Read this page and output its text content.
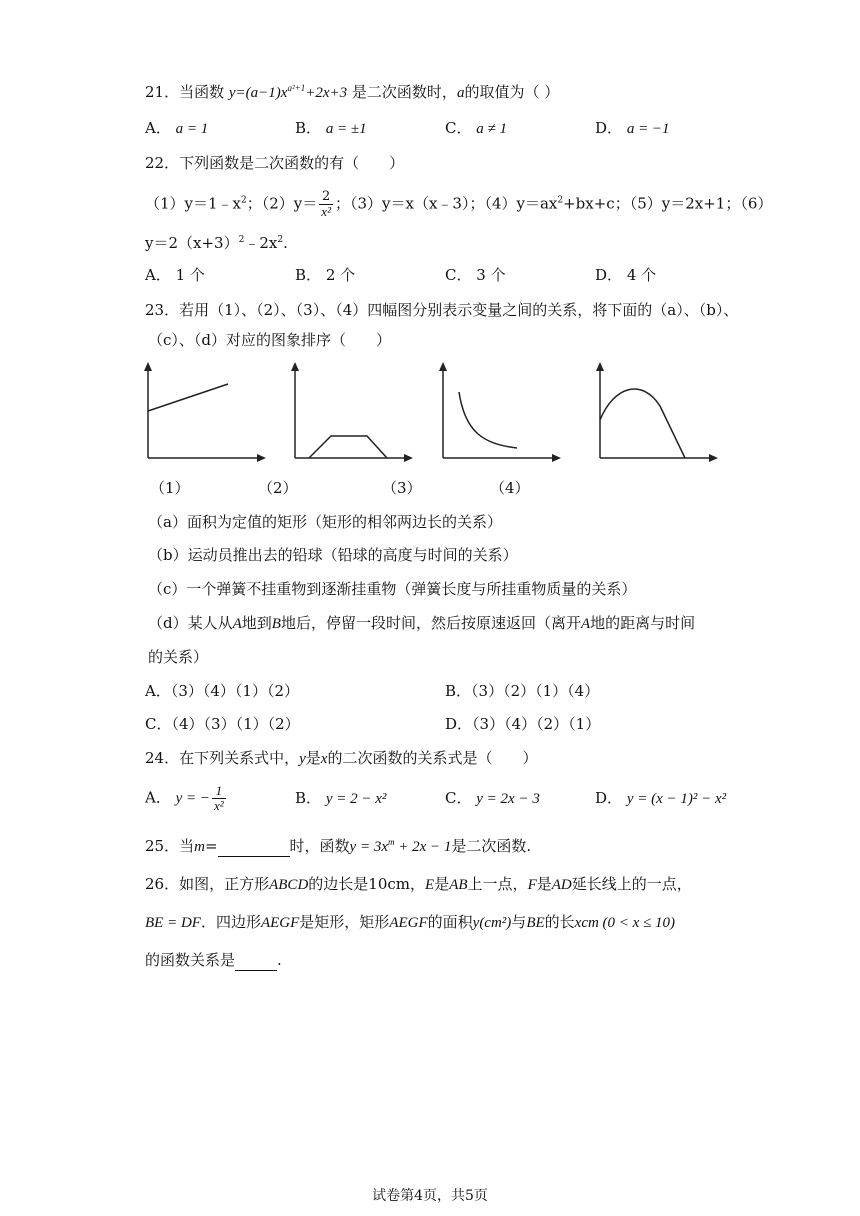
21．当函数 $y=(a-1)x^{a^2+1}+2x+3$ 是二次函数时，a的取值为（ ）
A． a = 1	B． a = ±1	C． a ≠ 1	D． a = −1
22．下列函数是二次函数的有（　　）
$(1)y=1﹣x^2$；$(2)y= \frac{2}{\text{x²}}$ ；（3）y＝x（x﹣3）；$(4)y=ax^2+bx+c$；（5）y＝2x+1；（6）
$y=2(x+3)^2﹣2x^2$.
A． 1 个	B． 2 个	C． 3 个	D． 4 个
23．若用（1）、（2）、（3）、（4）四幅图分别表示变量之间的关系，将下面的（a）、（b）、
（c）、（d）对应的图象排序（　　）
（1）	（2）	（3）	（4）
（a）面积为定值的矩形（矩形的相邻两边长的关系）
（b）运动员推出去的铅球（铅球的高度与时间的关系）
（c）一个弹簧不挂重物到逐渐挂重物（弹簧长度与所挂重物质量的关系）
（d）某人从A地到B地后，停留一段时间，然后按原速返回（离开A地的距离与时间
的关系）
A．（3）（4）（1）（2）	B．（3）（2）（1）（4）
C．（4）（3）（1）（2）	D．（3）（4）（2）（1）
24．在下列关系式中，y是x的二次函数的关系式是（　　）
A． y = − $\frac{1}{\text{x²}}$	B． y = 2 − x²	C． y = 2x − 3	D． y = (x − 1)² − x²
25．当m=	时，函数$y = 3x^m + 2x - 1$是二次函数.
26．如图，正方形ABCD的边长是10cm，E是AB上一点，F是AD延长线上的一点，
BE = DF．四边形AEGF是矩形，矩形AEGF的面积y(cm²)与BE的长xcm (0 < x ≤ 10)
的函数关系是	.
试卷第4页，共5页
